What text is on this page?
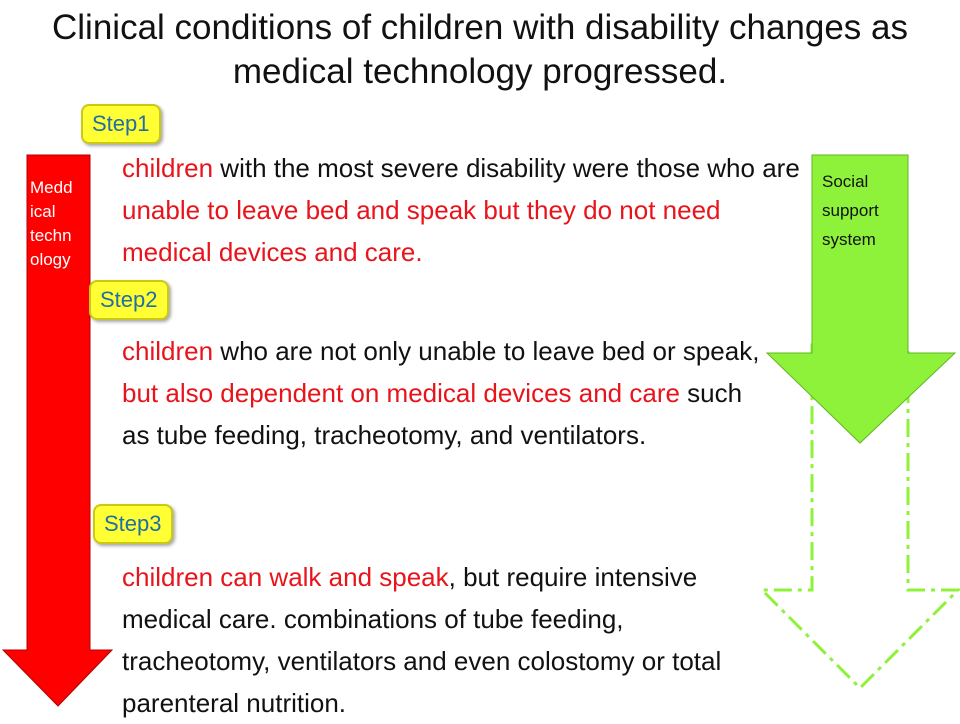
Clinical conditions of children with disability changes as medical technology progressed.
Medd
ical
techn
ology
Social
support
system
Step1
Step2
Step3
children with the most severe disability were those who are unable to leave bed and speak but they do not need medical devices and care.
children who are not only unable to leave bed or speak, but also dependent on medical devices and care such as tube feeding, tracheotomy, and ventilators.
children can walk and speak, but require intensive medical care. combinations of tube feeding, tracheotomy, ventilators and even colostomy or total parenteral nutrition.
